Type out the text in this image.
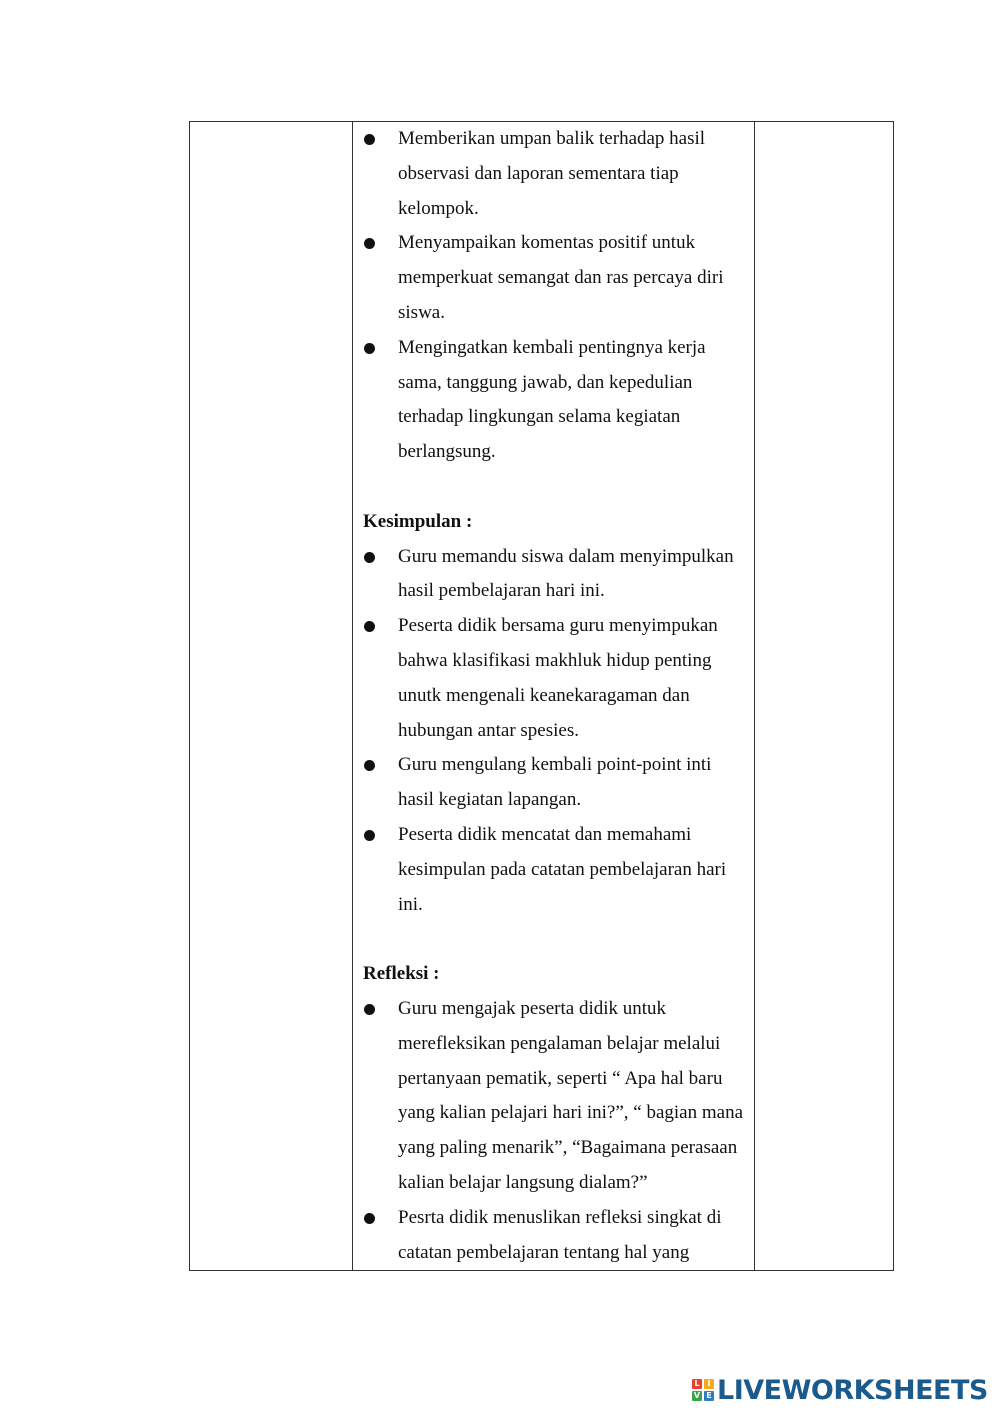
Memberikan umpan balik terhadap hasil observasi dan laporan sementara tiap kelompok.
Menyampaikan komentas positif untuk memperkuat semangat dan ras percaya diri siswa.
Mengingatkan kembali pentingnya kerja sama, tanggung jawab, dan kepedulian terhadap lingkungan selama kegiatan berlangsung.
Kesimpulan :
Guru memandu siswa dalam menyimpulkan hasil pembelajaran hari ini.
Peserta didik bersama guru menyimpukan bahwa klasifikasi makhluk hidup penting unutk mengenali keanekaragaman dan hubungan antar spesies.
Guru mengulang kembali point-point inti hasil kegiatan lapangan.
Peserta didik mencatat dan memahami kesimpulan pada catatan pembelajaran hari ini.
Refleksi :
Guru mengajak peserta didik untuk merefleksikan pengalaman belajar melalui pertanyaan pematik, seperti “ Apa hal baru yang kalian pelajari hari ini?”, “ bagian mana yang paling menarik”, “Bagaimana perasaan kalian belajar langsung dialam?”
Pesrta didik menuslikan refleksi singkat di catatan pembelajaran tentang hal yang

L I
V E LIVEWORKSHEETS
